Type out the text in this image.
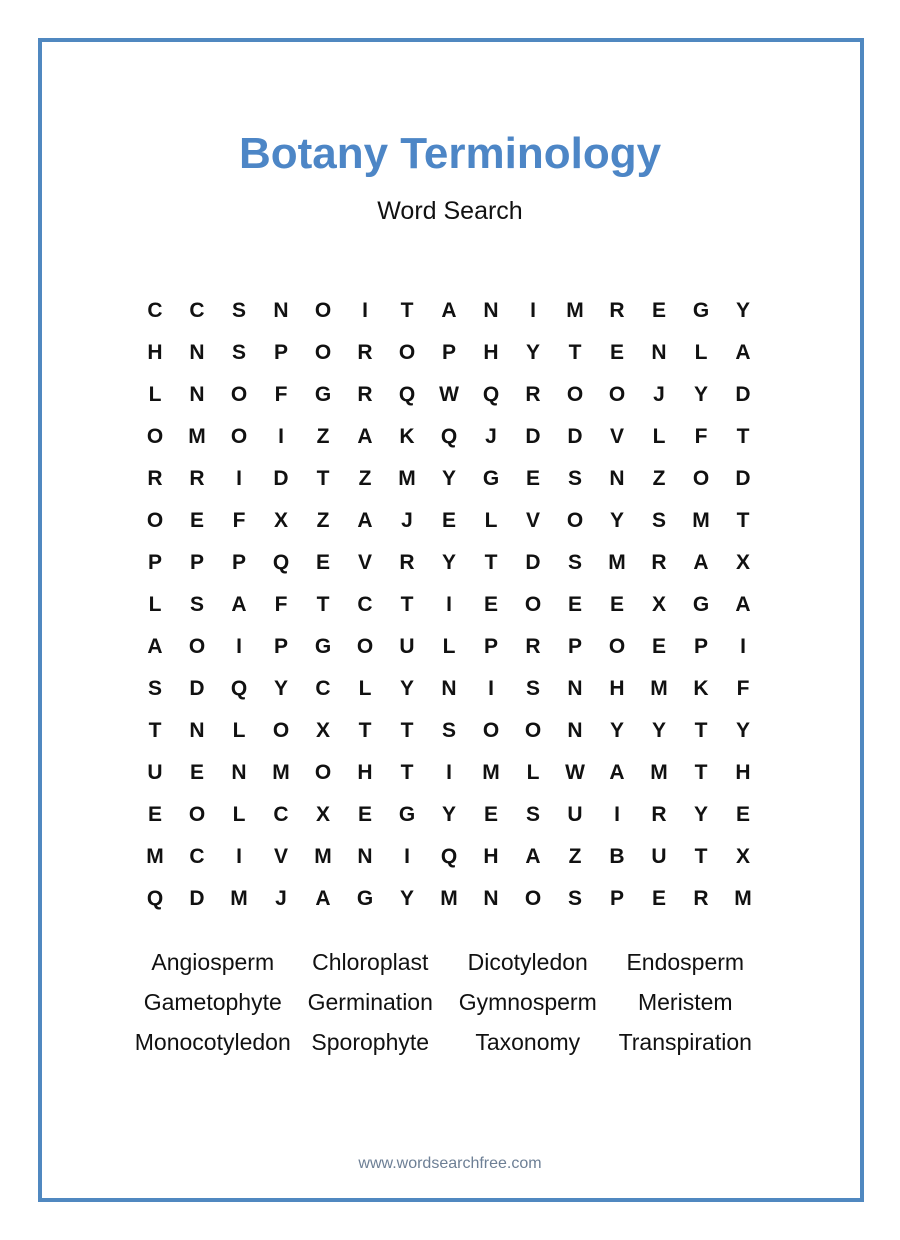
Botany Terminology
Word Search
C	C	S	N	O	I	T	A	N	I	M	R	E	G	Y
H	N	S	P	O	R	O	P	H	Y	T	E	N	L	A
L	N	O	F	G	R	Q	W	Q	R	O	O	J	Y	D
O	M	O	I	Z	A	K	Q	J	D	D	V	L	F	T
R	R	I	D	T	Z	M	Y	G	E	S	N	Z	O	D
O	E	F	X	Z	A	J	E	L	V	O	Y	S	M	T
P	P	P	Q	E	V	R	Y	T	D	S	M	R	A	X
L	S	A	F	T	C	T	I	E	O	E	E	X	G	A
A	O	I	P	G	O	U	L	P	R	P	O	E	P	I
S	D	Q	Y	C	L	Y	N	I	S	N	H	M	K	F
T	N	L	O	X	T	T	S	O	O	N	Y	Y	T	Y
U	E	N	M	O	H	T	I	M	L	W	A	M	T	H
E	O	L	C	X	E	G	Y	E	S	U	I	R	Y	E
M	C	I	V	M	N	I	Q	H	A	Z	B	U	T	X
Q	D	M	J	A	G	Y	M	N	O	S	P	E	R	M
Angiosperm	Chloroplast	Dicotyledon	Endosperm
Gametophyte	Germination	Gymnosperm	Meristem
Monocotyledon Sporophyte	Taxonomy	Transpiration
www.wordsearchfree.com
